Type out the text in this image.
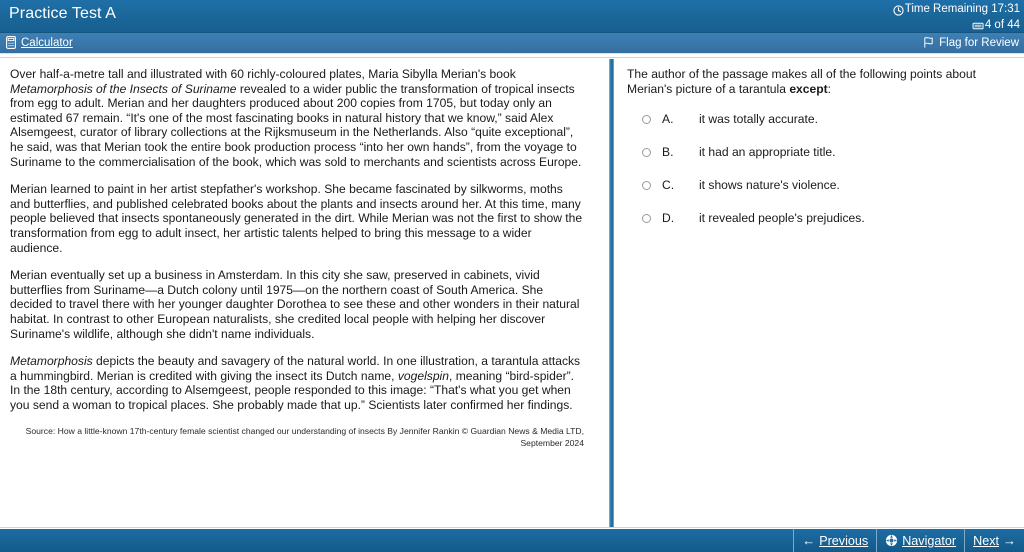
Practice Test A	Time Remaining 17:31
4 of 44
Calculator	Flag for Review

Over half-a-metre tall and illustrated with 60 richly-coloured plates, Maria Sibylla Merian's book Metamorphosis of the Insects of Suriname revealed to a wider public the transformation of tropical insects from egg to adult. Merian and her daughters produced about 200 copies from 1705, but today only an estimated 67 remain. “It's one of the most fascinating books in natural history that we know,” said Alex Alsemgeest, curator of library collections at the Rijksmuseum in the Netherlands. Also “quite exceptional”, he said, was that Merian took the entire book production process “into her own hands”, from the voyage to Suriname to the commercialisation of the book, which was sold to merchants and scientists across Europe.

Merian learned to paint in her artist stepfather's workshop. She became fascinated by silkworms, moths and butterflies, and published celebrated books about the plants and insects around her. At this time, many people believed that insects spontaneously generated in the dirt. While Merian was not the first to show the transformation from egg to adult insect, her artistic talents helped to bring this message to a wider audience.

Merian eventually set up a business in Amsterdam. In this city she saw, preserved in cabinets, vivid butterflies from Suriname—a Dutch colony until 1975—on the northern coast of South America. She decided to travel there with her younger daughter Dorothea to see these and other wonders in their natural habitat. In contrast to other European naturalists, she credited local people with helping her discover Suriname's wildlife, although she didn't name individuals.

Metamorphosis depicts the beauty and savagery of the natural world. In one illustration, a tarantula attacks a hummingbird. Merian is credited with giving the insect its Dutch name, vogelspin, meaning “bird-spider”. In the 18th century, according to Alsemgeest, people responded to this image: “That's what you get when you send a woman to tropical places. She probably made that up.” Scientists later confirmed her findings.

Source: How a little-known 17th-century female scientist changed our understanding of insects By Jennifer Rankin © Guardian News & Media LTD, September 2024
The author of the passage makes all of the following points about Merian's picture of a tarantula except:
A.	it was totally accurate.
B.	it had an appropriate title.
C.	it shows nature's violence.
D.	it revealed people's prejudices.
← Previous	Navigator Next →
